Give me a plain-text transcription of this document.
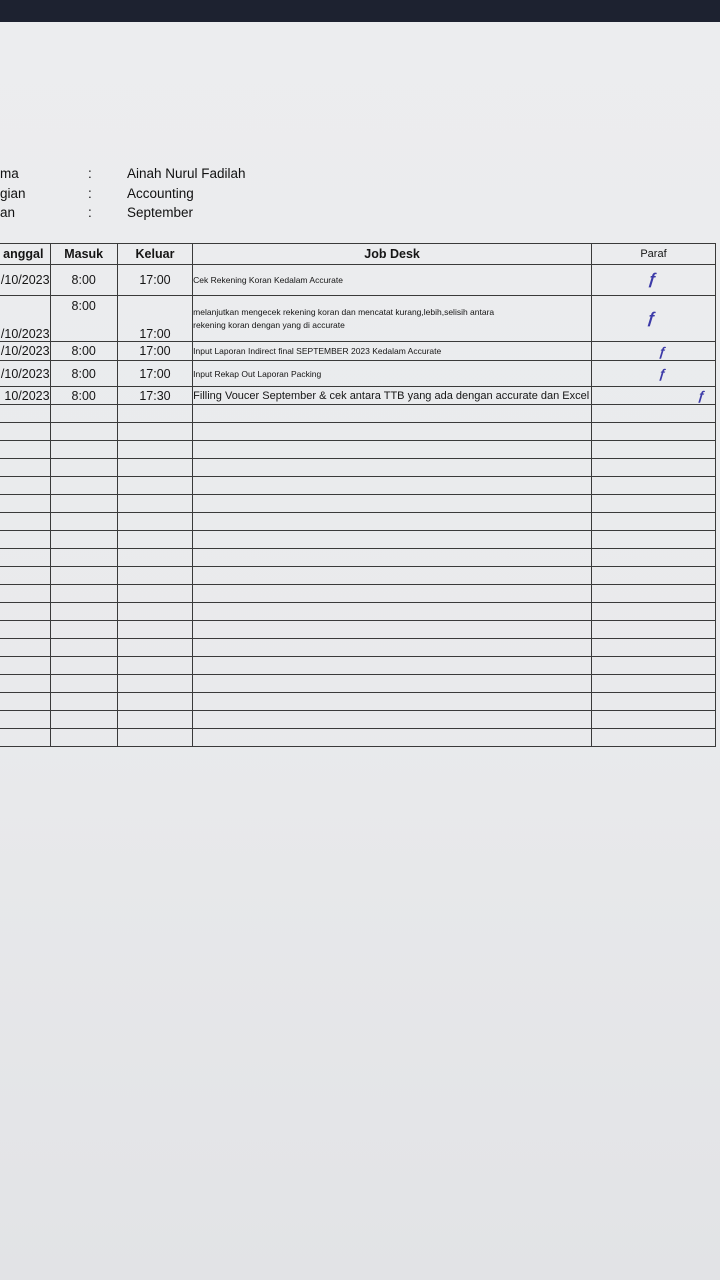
ma	:	Ainah Nurul Fadilah
gian	:	Accounting
an	:	September
anggal	Masuk	Keluar	Job Desk	Paraf
/10/2023	8:00	17:00	Cek Rekening Koran Kedalam Accurate	ƒ
/10/2023	8:00	17:00	melanjutkan mengecek rekening koran dan mencatat kurang,lebih,selisih antara
rekening koran dengan yang di accurate	ƒ
/10/2023	8:00	17:00	Input Laporan Indirect final SEPTEMBER 2023 Kedalam Accurate	ƒ
/10/2023	8:00	17:00	Input Rekap Out Laporan Packing	ƒ
10/2023	8:00	17:30	Filling Voucer September & cek antara TTB yang ada dengan accurate dan Excel	ƒ
